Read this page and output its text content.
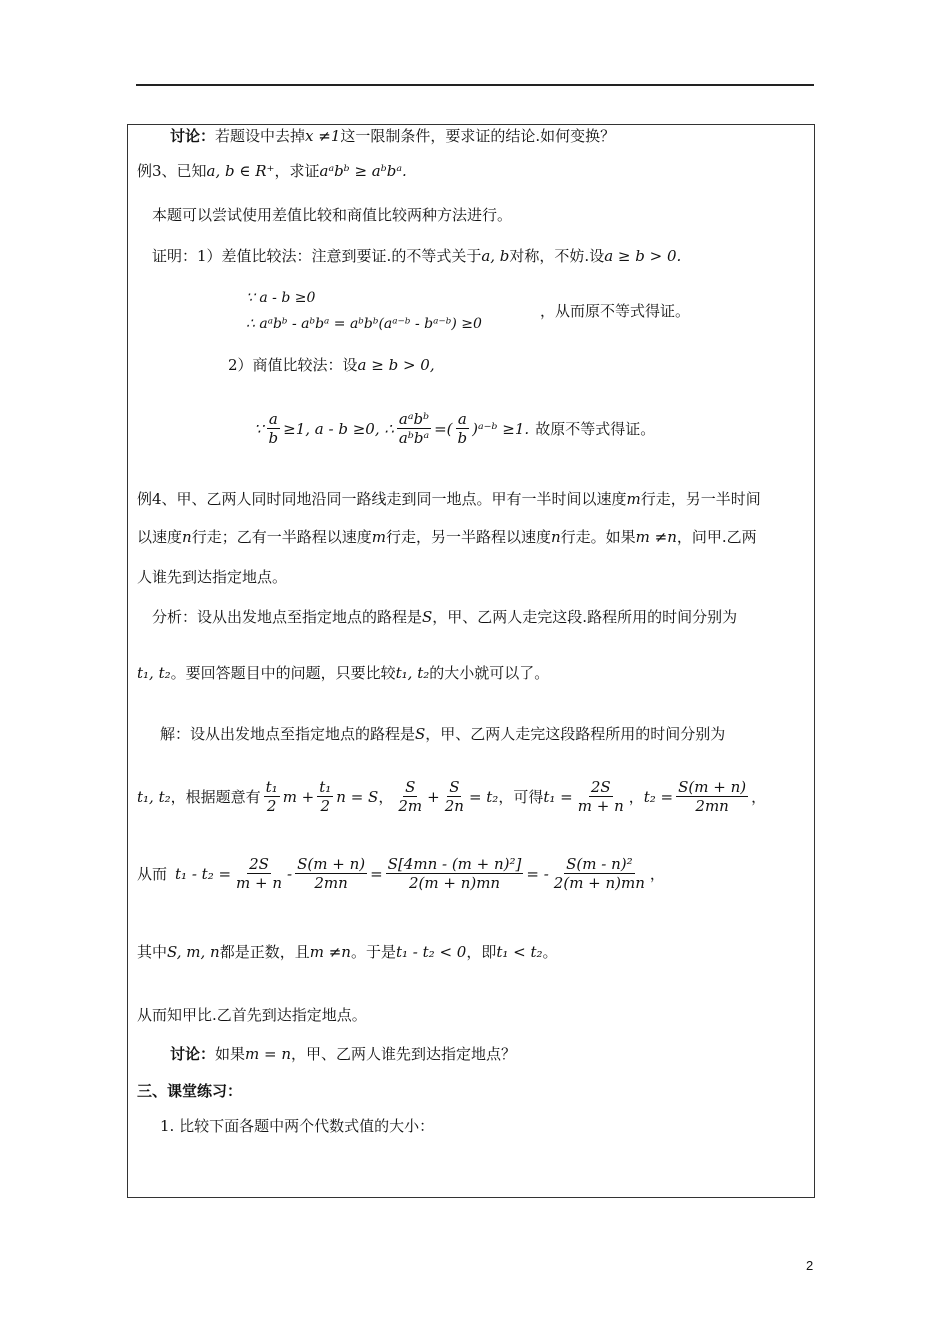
讨论：若题设中去掉x ≠1这一限制条件，要求证的结论.如何变换？
例3、已知a, b ∈ R⁺，求证aᵃbᵇ ≥ aᵇbᵃ.
本题可以尝试使用差值比较和商值比较两种方法进行。
证明：1）差值比较法：注意到要证.的不等式关于a, b对称，不妨.设a ≥ b > 0.
∵ a - b ≥0
∴ aᵃbᵇ - aᵇbᵃ = aᵇbᵇ(aᵃ⁻ᵇ - bᵃ⁻ᵇ) ≥0
，从而原不等式得证。
2）商值比较法：设a ≥ b > 0,
∵ $\frac{a}{b} \ge 1$, a - b ≥0, ∴ $\frac{\text{aᵃbᵇ}}{\text{aᵇbᵃ}}$ =( $\frac{a}{b}$ )ᵃ⁻ᵇ ≥1. 故原不等式得证。
例4、甲、乙两人同时同地沿同一路线走到同一地点。甲有一半时间以速度m行走，另一半时间
以速度n行走；乙有一半路程以速度m行走，另一半路程以速度n行走。如果m ≠n，问甲.乙两
人谁先到达指定地点。
分析：设从出发地点至指定地点的路程是S，甲、乙两人走完这段.路程所用的时间分别为
t₁, t₂。要回答题目中的问题，只要比较t₁, t₂的大小就可以了。
解：设从出发地点至指定地点的路程是S，甲、乙两人走完这段路程所用的时间分别为
t₁, t₂ ，根据题意有 $\frac{\text{t₁}}{2}$ $m + \frac{\text{t₁}}{2}$ n = S ， $\frac{S}{2m} + \frac{S}{2n} = t_2$ ，可得 $t_1 = \frac{2S}{m + n}$ ， $t_2 = \frac{S(m + n)}{2mn}$ ，
从而 $t_1 - t_2 = \frac{2S}{m + n} - \frac{S(m + n)}{2mn} = \frac{\text{S[4mn - (m + n)²]}}{2(m + n)mn}$ = - $\frac{\text{S(m - n)²}}{2(m + n)mn}$ ，
其中S, m, n都是正数，且m ≠n。于是t₁ - t₂ < 0，即t₁ < t₂。
从而知甲比.乙首先到达指定地点。
讨论：如果m = n，甲、乙两人谁先到达指定地点？
三、课堂练习：
1. 比较下面各题中两个代数式值的大小：
2
